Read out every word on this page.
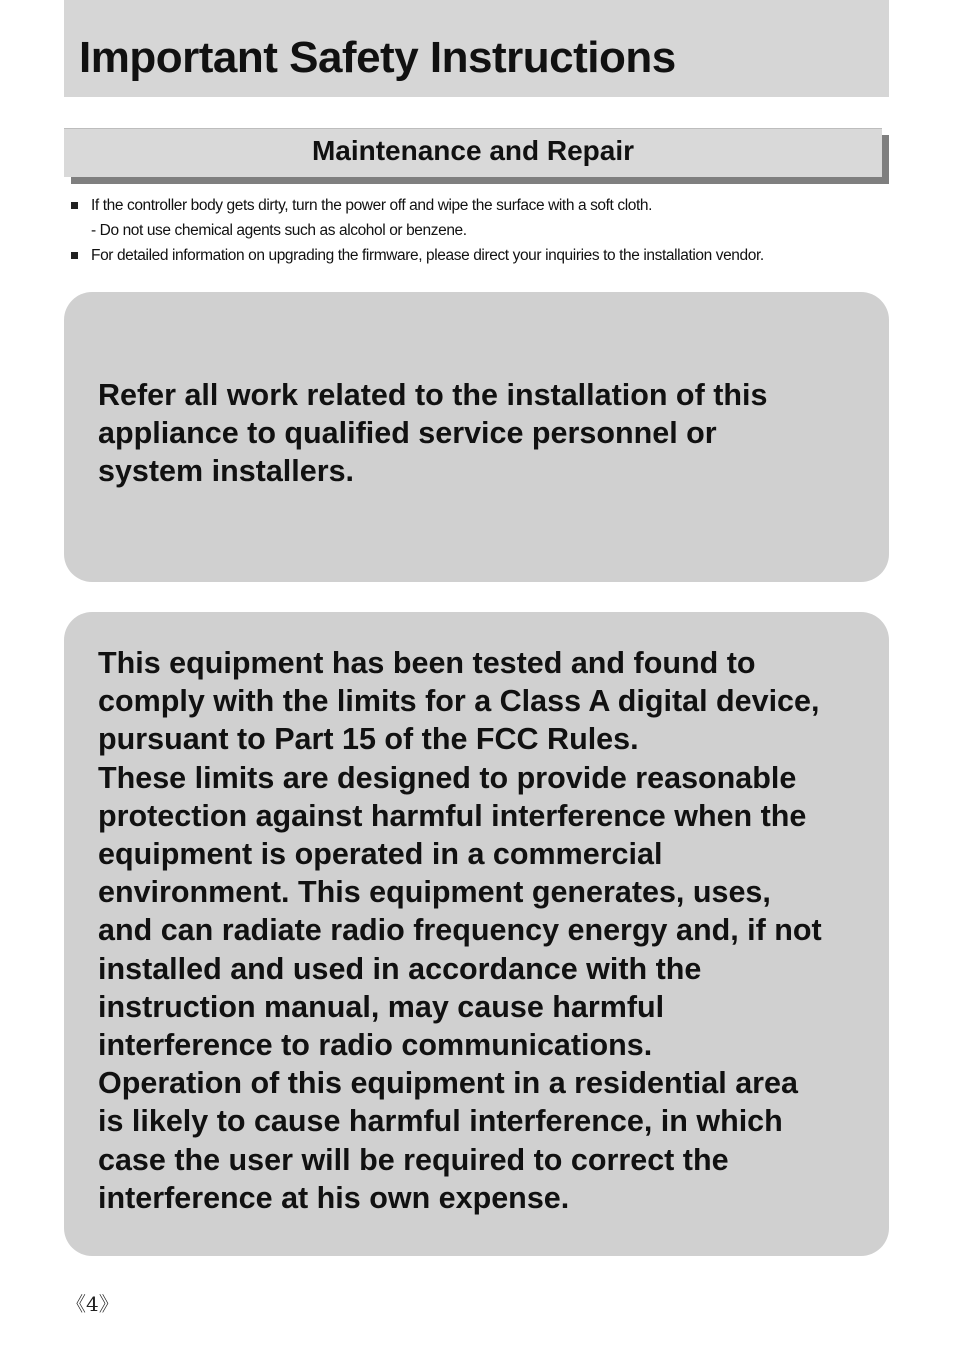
Important Safety Instructions
Maintenance and Repair
If the controller body gets dirty, turn the power off and wipe the surface with a soft cloth.
- Do not use chemical agents such as alcohol or benzene.
For detailed information on upgrading the firmware, please direct your inquiries to the installation vendor.

Refer all work related to the installation of this
appliance to qualified service personnel or
system installers.

This equipment has been tested and found to
comply with the limits for a Class A digital device,
pursuant to Part 15 of the FCC Rules.
These limits are designed to provide reasonable
protection against harmful interference when the
equipment is operated in a commercial
environment. This equipment generates, uses,
and can radiate radio frequency energy and, if not
installed and used in accordance with the
instruction manual, may cause harmful
interference to radio communications.
Operation of this equipment in a residential area
is likely to cause harmful interference, in which
case the user will be required to correct the
interference at his own expense.

《4》
